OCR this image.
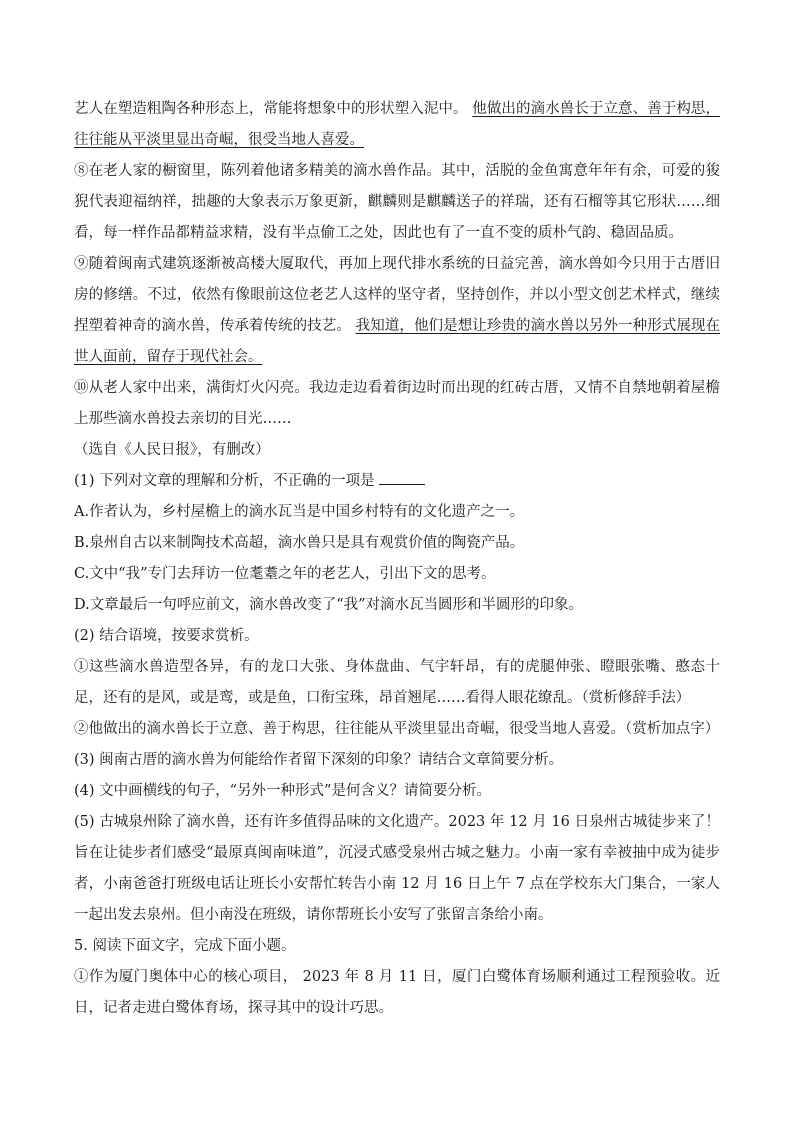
艺人在塑造粗陶各种形态上，常能将想象中的形状塑入泥中。 他做出的滴水兽长于立意、善于构思，往往能从平淡里显出奇崛，很受当地人喜爱。

⑧在老人家的橱窗里，陈列着他诸多精美的滴水兽作品。其中，活脱的金鱼寓意年年有余，可爱的狻猊代表迎福纳祥，拙趣的大象表示万象更新，麒麟则是麒麟送子的祥瑞，还有石榴等其它形状……细看，每一样作品都精益求精，没有半点偷工之处，因此也有了一直不变的质朴气韵、稳固品质。

⑨随着闽南式建筑逐渐被高楼大厦取代，再加上现代排水系统的日益完善，滴水兽如今只用于古厝旧房的修缮。不过，依然有像眼前这位老艺人这样的坚守者，坚持创作，并以小型文创艺术样式，继续捏塑着神奇的滴水兽，传承着传统的技艺。 我知道，他们是想让珍贵的滴水兽以另外一种形式展现在世人面前，留存于现代社会。

⑩从老人家中出来，满街灯火闪亮。我边走边看着街边时而出现的红砖古厝，又情不自禁地朝着屋檐上那些滴水兽投去亲切的目光……

（选自《人民日报》，有删改）

(1) 下列对文章的理解和分析，不正确的一项是

A.作者认为，乡村屋檐上的滴水瓦当是中国乡村特有的文化遗产之一。

B.泉州自古以来制陶技术高超，滴水兽只是具有观赏价值的陶瓷产品。

C.文中“我”专门去拜访一位耄耋之年的老艺人，引出下文的思考。

D.文章最后一句呼应前文，滴水兽改变了“我”对滴水瓦当圆形和半圆形的印象。

(2) 结合语境，按要求赏析。

①这些滴水兽造型各异，有的龙口大张、身体盘曲、气宇轩昂，有的虎腿伸张、瞪眼张嘴、憨态十足，还有的是风，或是鸾，或是鱼，口衔宝珠，昂首翘尾……看得人眼花缭乱。（赏析修辞手法）

②他做出的滴水兽长于立意、善于构思，往往能从平淡里显出奇崛，很受当地人喜爱。（赏析加点字）

(3) 闽南古厝的滴水兽为何能给作者留下深刻的印象？请结合文章简要分析。

(4) 文中画横线的句子，“另外一种形式”是何含义？请简要分析。

(5) 古城泉州除了滴水兽，还有许多值得品味的文化遗产。2023 年 12 月 16 日泉州古城徒步来了！旨在让徒步者们感受“最原真闽南味道”，沉浸式感受泉州古城之魅力。小南一家有幸被抽中成为徒步者，小南爸爸打班级电话让班长小安帮忙转告小南 12 月 16 日上午 7 点在学校东大门集合，一家人一起出发去泉州。但小南没在班级，请你帮班长小安写了张留言条给小南。

5. 阅读下面文字，完成下面小题。

①作为厦门奥体中心的核心项目， 2023 年 8 月 11 日，厦门白鹭体育场顺利通过工程预验收。近日，记者走进白鹭体育场，探寻其中的设计巧思。
